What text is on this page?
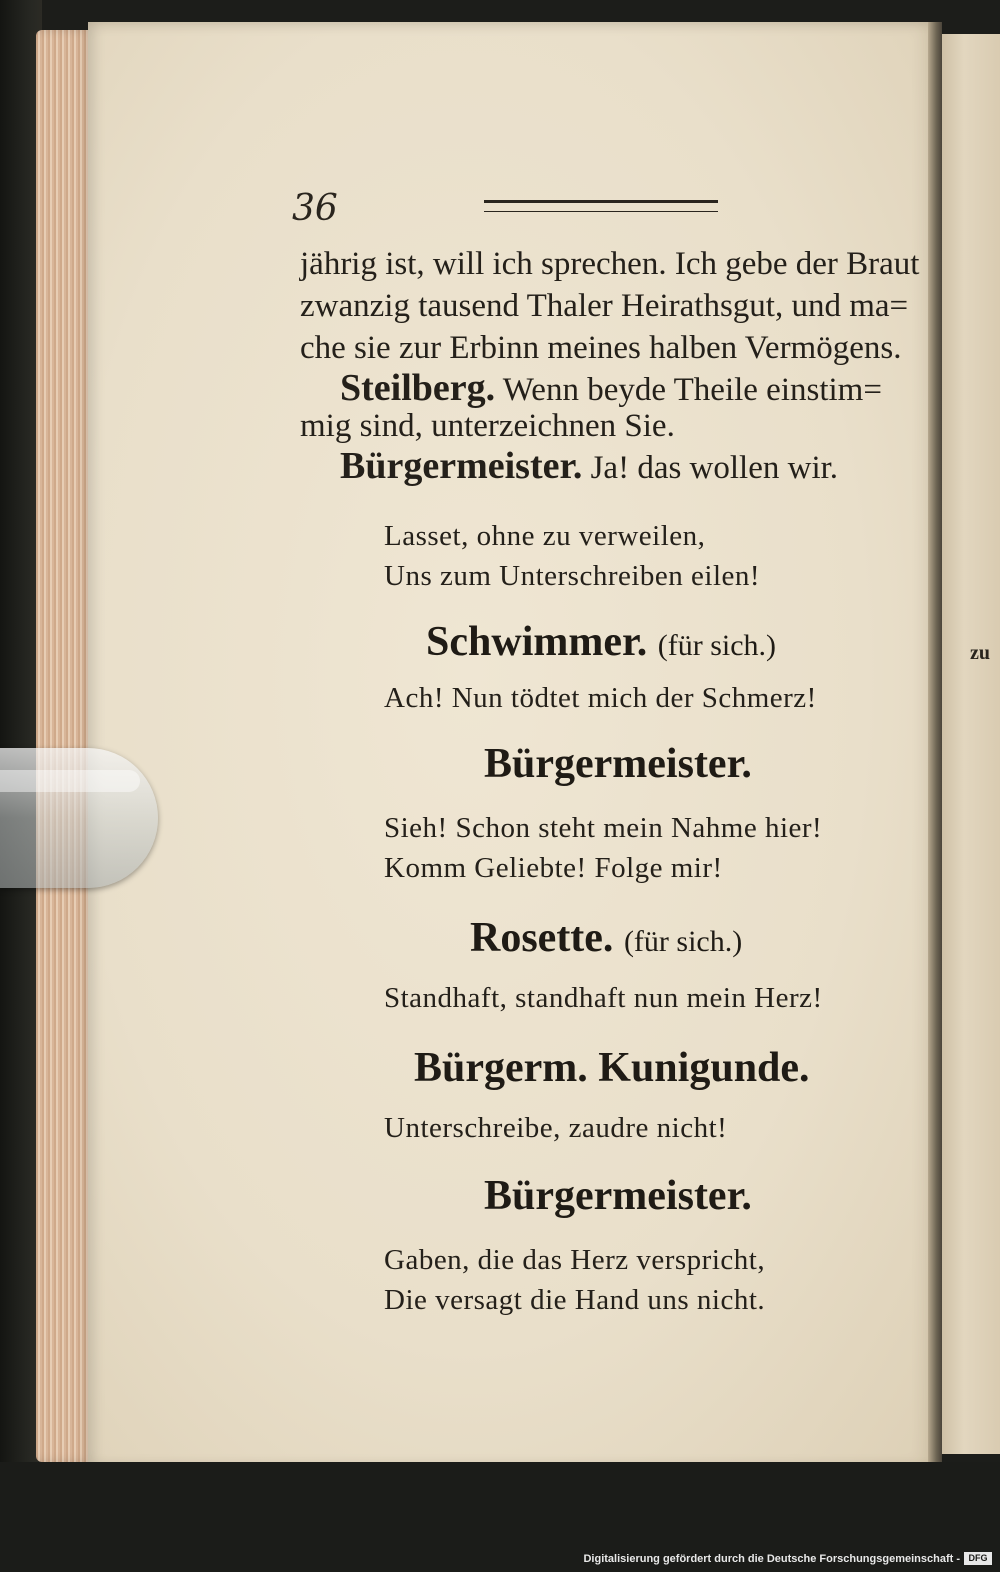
36
jährig ist, will ich sprechen. Ich gebe der Braut
zwanzig tausend Thaler Heirathsgut, und ma=
che sie zur Erbinn meines halben Vermögens.
Steilberg. Wenn beyde Theile einstim=
mig sind, unterzeichnen Sie.
Bürgermeister. Ja! das wollen wir.
Lasset, ohne zu verweilen,
Uns zum Unterschreiben eilen!
Schwimmer. (für sich.)
Ach! Nun tödtet mich der Schmerz!
Bürgermeister.
Sieh! Schon steht mein Nahme hier!
Komm Geliebte! Folge mir!
Rosette. (für sich.)
Standhaft, standhaft nun mein Herz!
Bürgerm. Kunigunde.
Unterschreibe, zaudre nicht!
Bürgermeister.
Gaben, die das Herz verspricht,
Die versagt die Hand uns nicht.
zu
Digitalisierung gefördert durch die Deutsche Forschungsgemeinschaft - DFG
